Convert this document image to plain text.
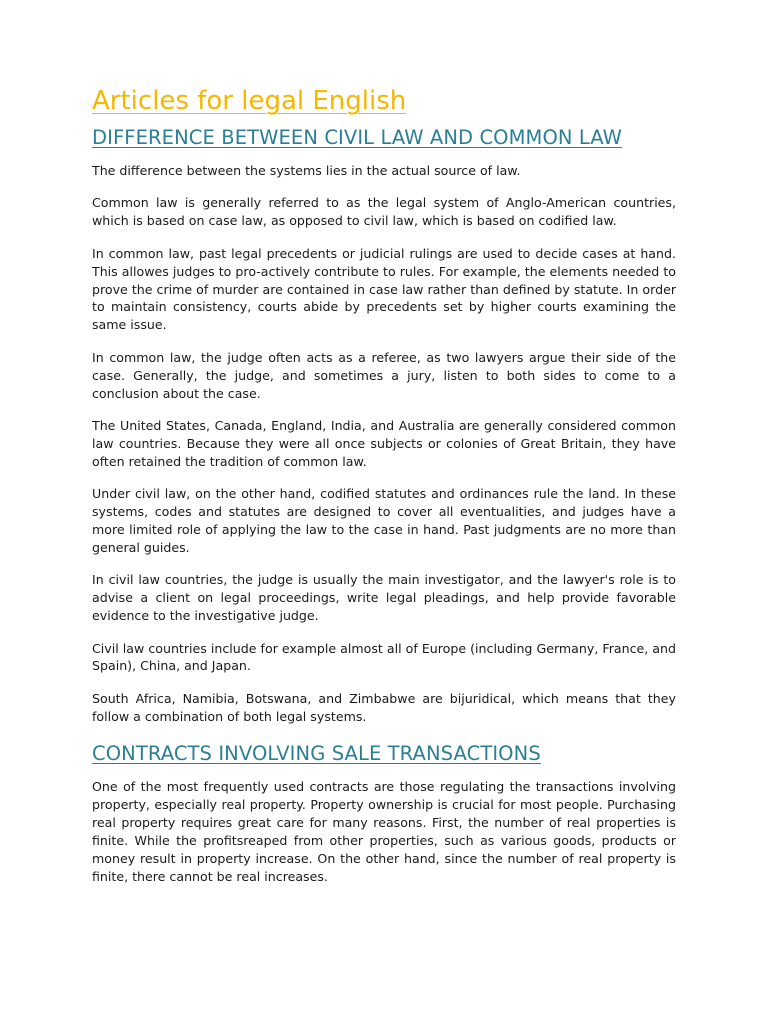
Articles for legal English
DIFFERENCE BETWEEN CIVIL LAW AND COMMON LAW

The difference between the systems lies in the actual source of law.

Common law is generally referred to as the legal system of Anglo-American countries, which is based on case law, as opposed to civil law, which is based on codified law.

In common law, past legal precedents or judicial rulings are used to decide cases at hand. This allowes judges to pro-actively contribute to rules. For example, the elements needed to prove the crime of murder are contained in case law rather than defined by statute. In order to maintain consistency, courts abide by precedents set by higher courts examining the same issue.

In common law, the judge often acts as a referee, as two lawyers argue their side of the case. Generally, the judge, and sometimes a jury, listen to both sides to come to a conclusion about the case.

The United States, Canada, England, India, and Australia are generally considered common law countries. Because they were all once subjects or colonies of Great Britain, they have often retained the tradition of common law.

Under civil law, on the other hand, codified statutes and ordinances rule the land. In these systems, codes and statutes are designed to cover all eventualities, and judges have a more limited role of applying the law to the case in hand. Past judgments are no more than general guides.

In civil law countries, the judge is usually the main investigator, and the lawyer's role is to advise a client on legal proceedings, write legal pleadings, and help provide favorable evidence to the investigative judge.

Civil law countries include for example almost all of Europe (including Germany, France, and Spain), China, and Japan.

South Africa, Namibia, Botswana, and Zimbabwe are bijuridical, which means that they follow a combination of both legal systems.

CONTRACTS INVOLVING SALE TRANSACTIONS

One of the most frequently used contracts are those regulating the transactions involving property, especially real property. Property ownership is crucial for most people. Purchasing real property requires great care for many reasons. First, the number of real properties is finite. While the profitsreaped from other properties, such as various goods, products or money result in property increase. On the other hand, since the number of real property is finite, there cannot be real increases.
